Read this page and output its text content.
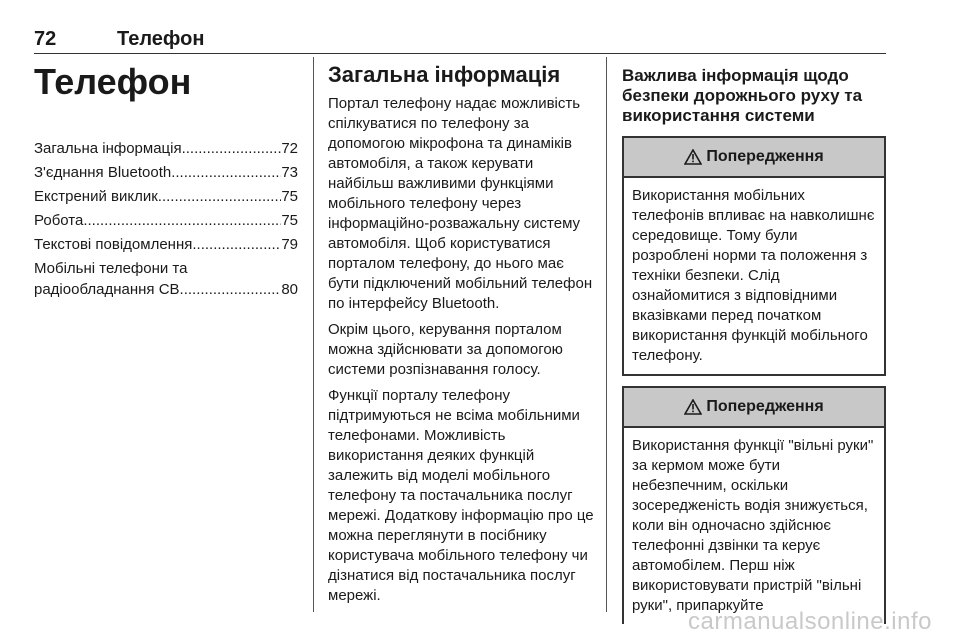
72	Телефон
Телефон
Загальна інформація .....	72
З'єднання Bluetooth .....	73
Екстрений виклик .....	75
Робота .....	75
Текстові повідомлення .....	79
Мобільні телефони та
радіообладнання CB .....	80
Загальна інформація

Портал телефону надає можливість спілкуватися по телефону за допомогою мікрофона та динаміків автомобіля, а також керувати найбільш важливими функціями мобільного телефону через інформаційно-розважальну систему автомобіля. Щоб користуватися порталом телефону, до нього має бути підключений мобільний телефон по інтерфейсу Bluetooth.

Окрім цього, керування порталом можна здійснювати за допомогою системи розпізнавання голосу.

Функції порталу телефону підтримуються не всіма мобільними телефонами. Можливість використання деяких функцій залежить від моделі мобільного телефону та постачальника послуг мережі. Додаткову інформацію про це можна переглянути в посібнику користувача мобільного телефону чи дізнатися від постачальника послуг мережі.

Важлива інформація щодо безпеки дорожнього руху та використання системи
Попередження
Використання мобільних телефонів впливає на навколишнє середовище. Тому були розроблені норми та положення з техніки безпеки. Слід ознайомитися з відповідними вказівками перед початком використання функцій мобільного телефону.
Попередження
Використання функції "вільні руки" за кермом може бути небезпечним, оскільки зосередженість водія знижується, коли він одночасно здійснює телефонні дзвінки та керує автомобілем. Перш ніж використовувати пристрій "вільні руки", припаркуйте
carmanualsonline.info
